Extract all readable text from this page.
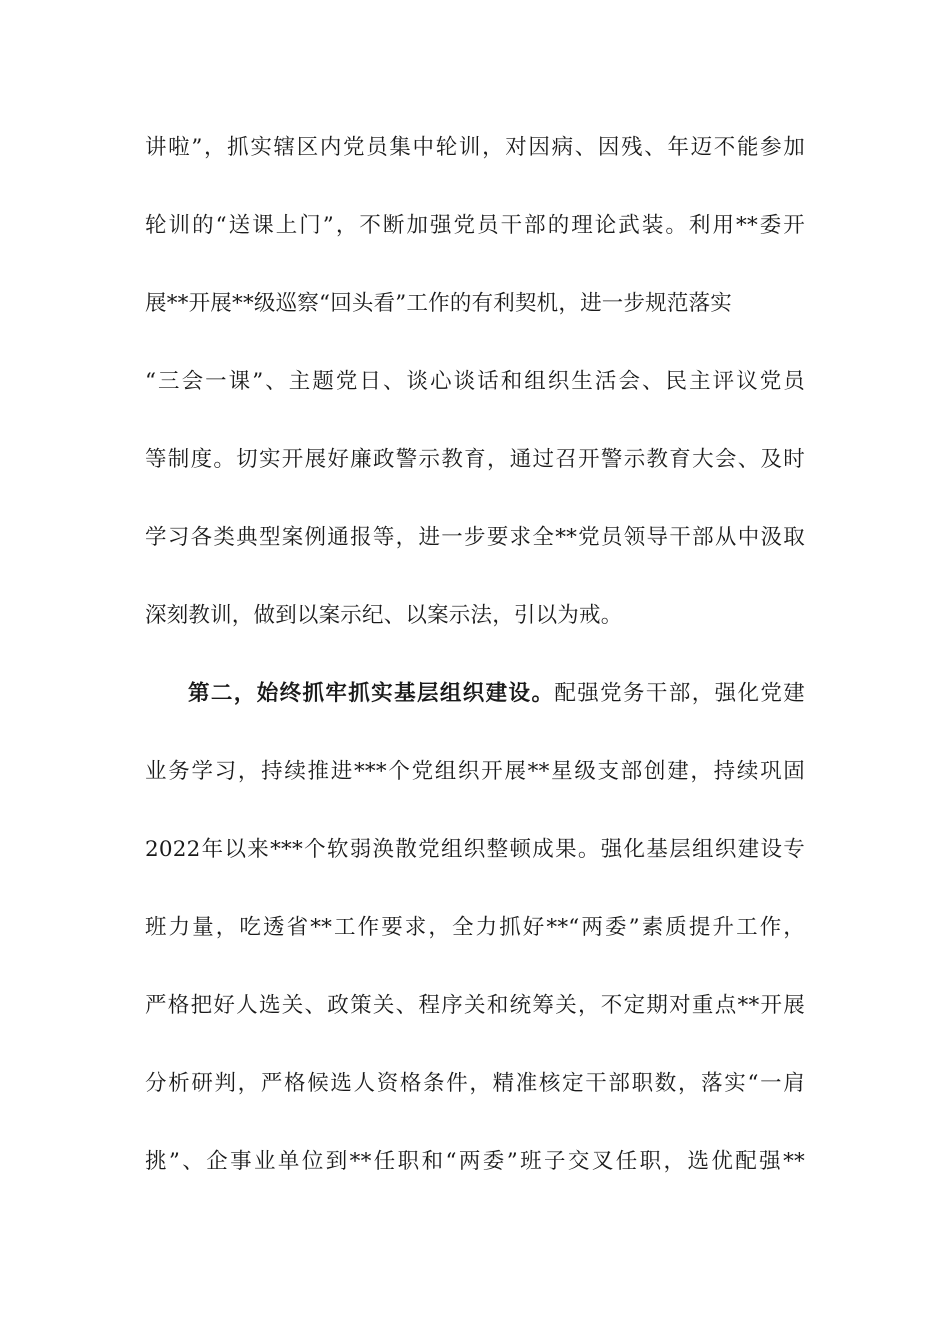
讲啦”，抓实辖区内党员集中轮训，对因病、因残、年迈不能参加
轮训的“送课上门”，不断加强党员干部的理论武装。利用**委开
展**开展**级巡察“回头看”工作的有利契机，进一步规范落实
“三会一课”、主题党日、谈心谈话和组织生活会、民主评议党员
等制度。切实开展好廉政警示教育，通过召开警示教育大会、及时
学习各类典型案例通报等，进一步要求全**党员领导干部从中汲取
深刻教训，做到以案示纪、以案示法，引以为戒。
第二，始终抓牢抓实基层组织建设。配强党务干部，强化党建
业务学习，持续推进***个党组织开展**星级支部创建，持续巩固
2022年以来***个软弱涣散党组织整顿成果。强化基层组织建设专
班力量，吃透省**工作要求，全力抓好**“两委”素质提升工作，
严格把好人选关、政策关、程序关和统筹关，不定期对重点**开展
分析研判，严格候选人资格条件，精准核定干部职数，落实“一肩
挑”、企事业单位到**任职和“两委”班子交叉任职，选优配强**
